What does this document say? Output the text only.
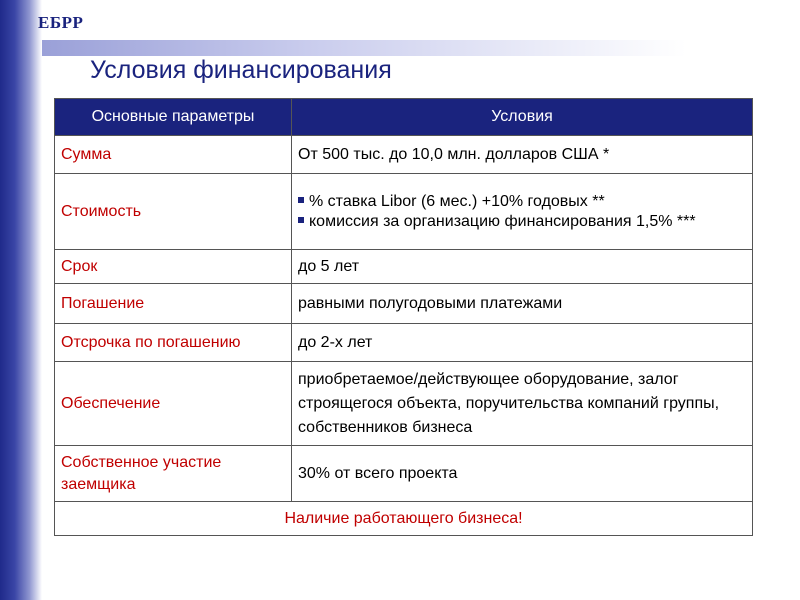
ЕБРР
Условия финансирования
Основные параметры	Условия
Сумма	От 500 тыс. до 10,0 млн. долларов США *
Стоимость	% ставка Libor (6 мес.) +10% годовых **
комиссия за организацию финансирования 1,5% ***

Срок	до 5 лет
Погашение	равными полугодовыми платежами
Отсрочка по погашению	до 2-х лет
Обеспечение	приобретаемое/действующее оборудование, залог строящегося объекта, поручительства компаний группы, собственников бизнеса
Собственное участие заемщика	30% от всего проекта
Наличие работающего бизнеса!	
